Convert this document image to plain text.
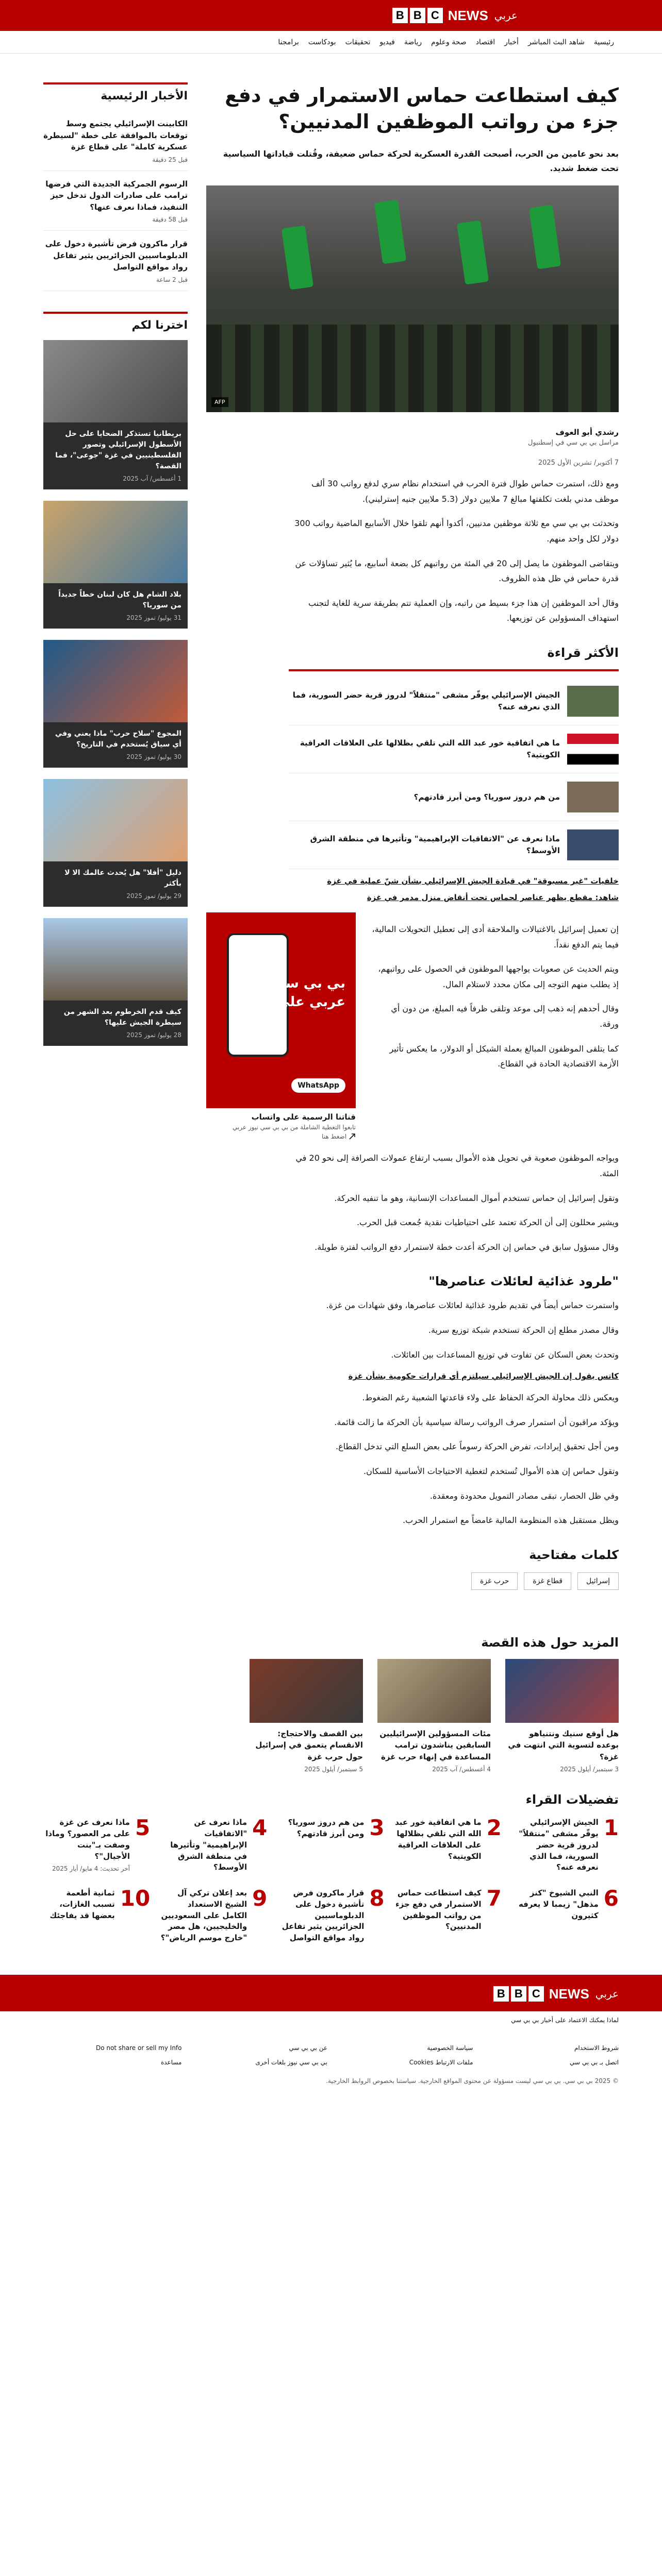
B B C NEWS عربي
رئيسية
شاهد البث المباشر
أخبار
اقتصاد
صحة وعلوم
رياضة
فيديو
تحقيقات
بودكاست
برامجنا
كيف استطاعت حماس الاستمرار في دفع جزء من رواتب الموظفين المدنيين؟

بعد نحو عامين من الحرب، أصبحت القدرة العسكرية لحركة حماس ضعيفة، وقُتلت قياداتها السياسية تحت ضغط شديد.

AFP
رشدي أبو العوف
مراسل بي بي سي في إسطنبول
7 أكتوبر/ تشرين الأول 2025

ومع ذلك، استمرت حماس طوال فترة الحرب في استخدام نظام سري لدفع رواتب 30 ألف موظف مدني بلغت تكلفتها مبالغ 7 ملايين دولار (5.3 ملايين جنيه إسترليني).

وتحدثت بي بي سي مع ثلاثة موظفين مدنيين، أكدوا أنهم تلقوا خلال الأسابيع الماضية رواتب 300 دولار لكل واحد منهم.

ويتقاضى الموظفون ما يصل إلى 20 في المئة من رواتبهم كل بضعة أسابيع، ما يُثير تساؤلات عن قدرة حماس في ظل هذه الظروف.

وقال أحد الموظفين إن هذا جزء بسيط من راتبه، وإن العملية تتم بطريقة سرية للغاية لتجنب استهداف المسؤولين عن توزيعها.

الأكثر قراءة
الجيش الإسرائيلي يوقّر مشفى "منتقلاً" لدروز قرية حضر السورية، فما الذي نعرفه عنه؟
ما هي اتفاقية خور عبد الله التي تلقي بظلالها على العلاقات العراقية الكويتية؟
من هم دروز سوريا؟ ومن أبرز قادتهم؟
ماذا نعرف عن "الاتفاقيات الإبراهيمية" وتأثيرها في منطقة الشرق الأوسط؟
خلفيات "غير مسبوقة" في قيادة الجيش الإسرائيلي بشأن شنّ عملية في غزة
شاهد: مقطع يظهر عناصر لحماس تحت أنقاض منزل مدمر في غزة

إن تعميل إسرائيل بالاغتيالات والملاحقة أدى إلى تعطيل التحويلات المالية، فيما يتم الدفع نقداً.

ويتم الحديث عن صعوبات يواجهها الموظفون في الحصول على رواتبهم، إذ يطلب منهم التوجه إلى مكان محدد لاستلام المال.

وقال أحدهم إنه ذهب إلى موعد وتلقى ظرفاً فيه المبلغ، من دون أي ورقة.

كما يتلقى الموظفون المبالغ بعملة الشيكل أو الدولار، ما يعكس تأثير الأزمة الاقتصادية الحادة في القطاع.

بي بي سي نيوز عربي على تطبيق
WhatsApp
قناتنا الرسمية على واتساب
تابعوا التغطية الشاملة من بي بي سي نيوز عربي
اضغط هنا

ويواجه الموظفون صعوبة في تحويل هذه الأموال بسبب ارتفاع عمولات الصرافة إلى نحو 20 في المئة.

وتقول إسرائيل إن حماس تستخدم أموال المساعدات الإنسانية، وهو ما تنفيه الحركة.

ويشير محللون إلى أن الحركة تعتمد على احتياطيات نقدية جُمعت قبل الحرب.

وقال مسؤول سابق في حماس إن الحركة أعدت خطة لاستمرار دفع الرواتب لفترة طويلة.

"طرود غذائية لعائلات عناصرها"

واستمرت حماس أيضاً في تقديم طرود غذائية لعائلات عناصرها، وفق شهادات من غزة.

وقال مصدر مطلع إن الحركة تستخدم شبكة توزيع سرية.

وتحدث بعض السكان عن تفاوت في توزيع المساعدات بين العائلات.

كاتس يقول إن الجيش الإسرائيلي سيلتزم أي قرارات حكومية بشأن غزة

ويعكس ذلك محاولة الحركة الحفاظ على ولاء قاعدتها الشعبية رغم الضغوط.

ويؤكد مراقبون أن استمرار صرف الرواتب رسالة سياسية بأن الحركة ما زالت قائمة.

ومن أجل تحقيق إيرادات، تفرض الحركة رسوماً على بعض السلع التي تدخل القطاع.

وتقول حماس إن هذه الأموال تُستخدم لتغطية الاحتياجات الأساسية للسكان.

وفي ظل الحصار، تبقى مصادر التمويل محدودة ومعقدة.

ويظل مستقبل هذه المنظومة المالية غامضاً مع استمرار الحرب.

كلمات مفتاحية
إسرائيل
قطاع غزة
حرب غزة
الأخبار الرئيسية
الكابينت الإسرائيلي يجتمع وسط توقعات بالموافقة على خطة "لسيطرة عسكرية كاملة" على قطاع غزة
قبل 25 دقيقة
الرسوم الجمركية الجديدة التي فرضها ترامب على صادرات الدول تدخل حيز التنفيذ، فماذا نعرف عنها؟
قبل 58 دقيقة
قرار ماكرون فرض تأشيرة دخول على الدبلوماسيين الجزائريين يثير تفاعل رواد مواقع التواصل
قبل 2 ساعة
اخترنا لكم
بريطانيا تستذكر الضحايا على حل الأسطول الإسرائيلي وتصور الفلسطينيين في غزة "جوعى"، فما القصة؟
1 أغسطس/ آب 2025
بلاد الشام هل كان لبنان خطاً جديداً من سوريا؟
31 يوليو/ تموز 2025
المجوع "سلاح حرب" ماذا يعني وفي أي سياق يُستخدم في التاريخ؟
30 يوليو/ تموز 2025
دليل "أفلا" هل يُحدث عالمك الا لا بأكثر
29 يوليو/ تموز 2025
كيف قدم الخرطوم بعد الشهر من سيطرة الجيش عليها؟
28 يوليو/ تموز 2025
المزيد حول هذه القصة
هل أوقع سنيك ونتنياهو بوعده لتسوية التي انتهت في غزة؟
3 سبتمبر/ أيلول 2025
مئات المسؤولين الإسرائيليين السابقين يناشدون ترامب المساعدة في إنهاء حرب غزة
4 أغسطس/ آب 2025
بين القصف والاحتجاج: الانقسام يتعمق في إسرائيل حول حرب غزة
5 سبتمبر/ أيلول 2025
تفضيلات القراء
1
الجيش الإسرائيلي يوقّر مشفى "منتقلاً" لدروز قرية حضر السورية، فما الذي نعرفه عنه؟
2
ما هي اتفاقية خور عبد الله التي تلقي بظلالها على العلاقات العراقية الكويتية؟
3
من هم دروز سوريا؟ ومن أبرز قادتهم؟
4
ماذا نعرف عن "الاتفاقيات الإبراهيمية" وتأثيرها في منطقة الشرق الأوسط؟
5
ماذا نعرف عن غزة على مر العصور؟ وماذا وصفت بـ"بنت الأجيال"؟
آخر تحديث: 4 مايو/ أيار 2025
6
النبي الشيوخ "كنز مذهل" زيمبا لا يعرفه كثيرون
7
كيف استطاعت حماس الاستمرار في دفع جزء من رواتب الموظفين المدنيين؟
8
قرار ماكرون فرض تأشيرة دخول على الدبلوماسيين الجزائريين يثير تفاعل رواد مواقع التواصل
9
بعد إعلان تركي آل الشيخ الاستعداد الكامل على السعوديين والخليجيين، هل مصر "خارج موسم الرياض"؟
10
ثمانية أطعمة تسبب الغازات، بعضها قد يفاجئك
B B C NEWS عربي
لماذا يمكنك الاعتماد على أخبار بي بي سي
شروط الاستخدام
سياسة الخصوصية
عن بي بي سي
Do not share or sell my Info
اتصل بـ بي بي سي
ملفات الارتباط Cookies
بي بي سي نيوز بلغات أخرى
مساعدة
© 2025 بي بي سي. بي بي سي ليست مسؤولة عن محتوى المواقع الخارجية. سياستنا بخصوص الروابط الخارجية.
